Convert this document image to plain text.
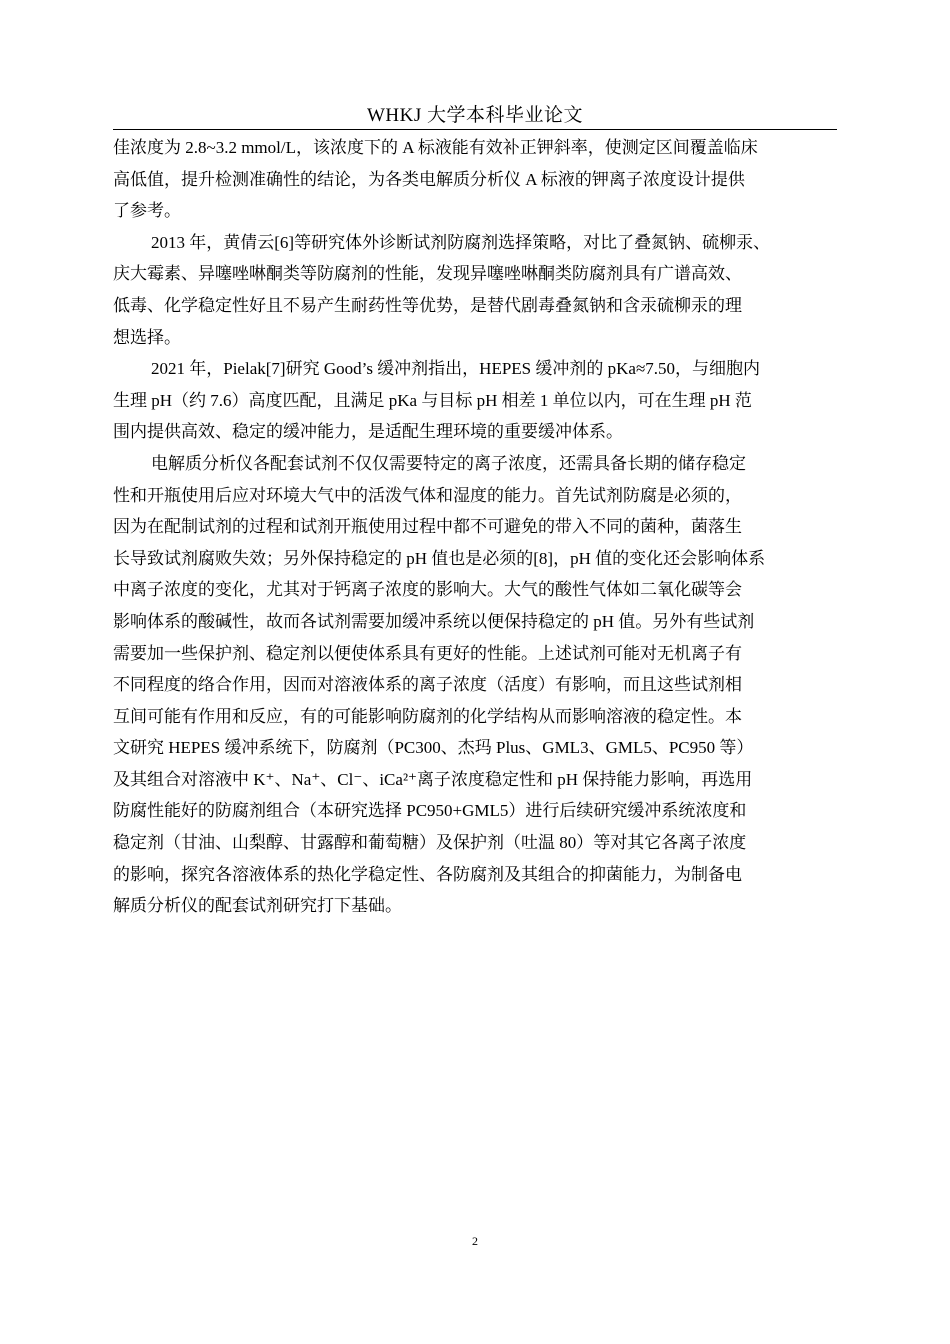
WHKJ 大学本科毕业论文
佳浓度为 2.8~3.2 mmol/L，该浓度下的 A 标液能有效补正钾斜率，使测定区间覆盖临床
高低值，提升检测准确性的结论，为各类电解质分析仪 A 标液的钾离子浓度设计提供
了参考。
2013 年，黄倩云[6]等研究体外诊断试剂防腐剂选择策略，对比了叠氮钠、硫柳汞、
庆大霉素、异噻唑啉酮类等防腐剂的性能，发现异噻唑啉酮类防腐剂具有广谱高效、
低毒、化学稳定性好且不易产生耐药性等优势，是替代剧毒叠氮钠和含汞硫柳汞的理
想选择。
2021 年，Pielak[7]研究 Good’s 缓冲剂指出，HEPES 缓冲剂的 pKa≈7.50，与细胞内
生理 pH（约 7.6）高度匹配，且满足 pKa 与目标 pH 相差 1 单位以内，可在生理 pH 范
围内提供高效、稳定的缓冲能力，是适配生理环境的重要缓冲体系。
电解质分析仪各配套试剂不仅仅需要特定的离子浓度，还需具备长期的储存稳定
性和开瓶使用后应对环境大气中的活泼气体和湿度的能力。首先试剂防腐是必须的，
因为在配制试剂的过程和试剂开瓶使用过程中都不可避免的带入不同的菌种，菌落生
长导致试剂腐败失效；另外保持稳定的 pH 值也是必须的[8]，pH 值的变化还会影响体系
中离子浓度的变化，尤其对于钙离子浓度的影响大。大气的酸性气体如二氧化碳等会
影响体系的酸碱性，故而各试剂需要加缓冲系统以便保持稳定的 pH 值。另外有些试剂
需要加一些保护剂、稳定剂以便使体系具有更好的性能。上述试剂可能对无机离子有
不同程度的络合作用，因而对溶液体系的离子浓度（活度）有影响，而且这些试剂相
互间可能有作用和反应，有的可能影响防腐剂的化学结构从而影响溶液的稳定性。本
文研究 HEPES 缓冲系统下，防腐剂（PC300、杰玛 Plus、GML3、GML5、PC950 等）
及其组合对溶液中 K⁺、Na⁺、Cl⁻、iCa²⁺离子浓度稳定性和 pH 保持能力影响，再选用
防腐性能好的防腐剂组合（本研究选择 PC950+GML5）进行后续研究缓冲系统浓度和
稳定剂（甘油、山梨醇、甘露醇和葡萄糖）及保护剂（吐温 80）等对其它各离子浓度
的影响，探究各溶液体系的热化学稳定性、各防腐剂及其组合的抑菌能力，为制备电
解质分析仪的配套试剂研究打下基础。
2
